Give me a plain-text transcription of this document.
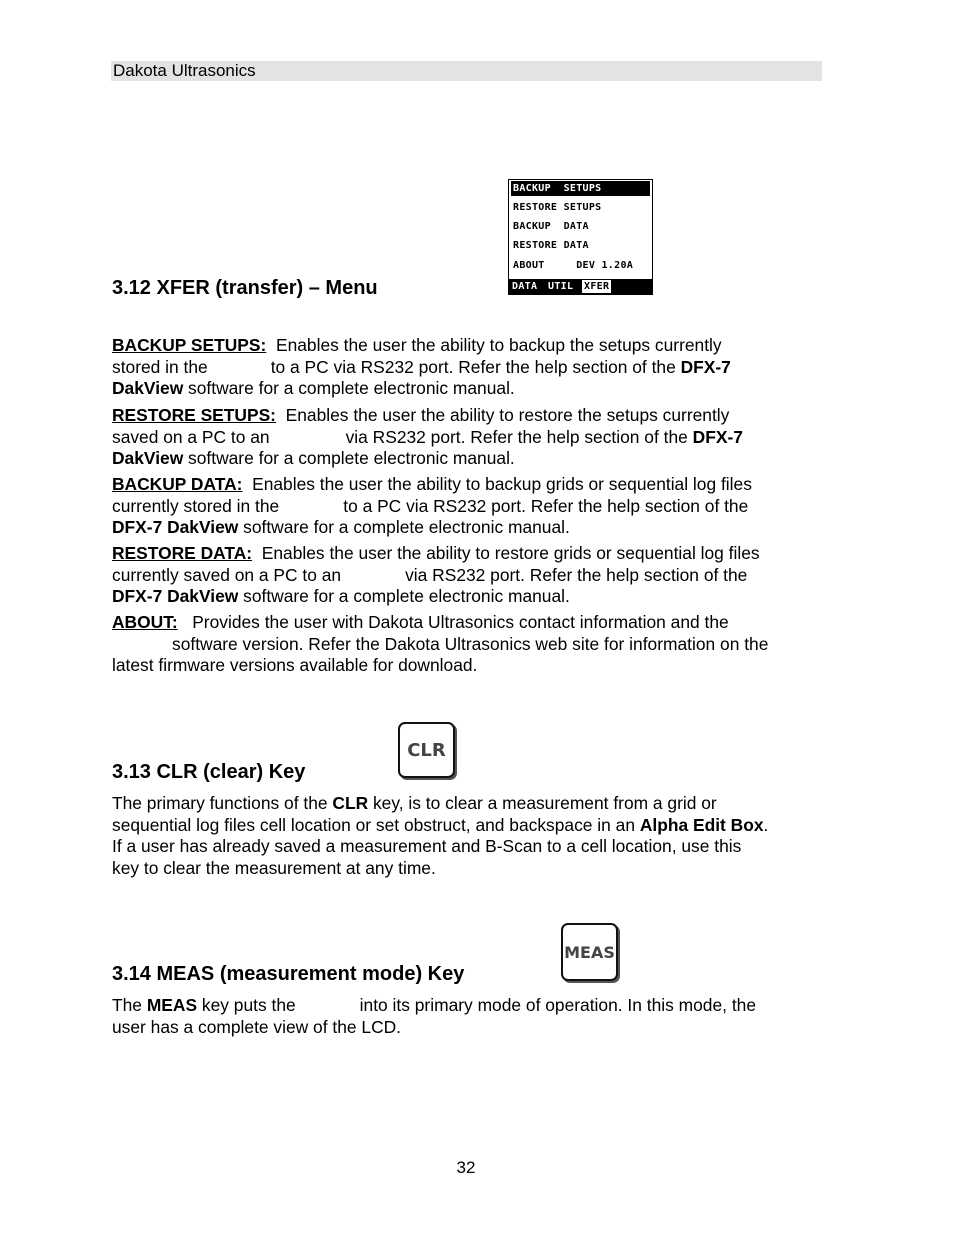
Dakota Ultrasonics
BACKUP  SETUPS
RESTORE SETUPS
BACKUP  DATA
RESTORE DATA
ABOUT     DEV 1.20A
DATA UTIL XFER
3.12 XFER (transfer) – Menu
BACKUP SETUPS: Enables the user the ability to backup the setups currently
stored in the	to a PC via RS232 port. Refer the help section of the DFX-7
DakView software for a complete electronic manual.
RESTORE SETUPS: Enables the user the ability to restore the setups currently
saved on a PC to an	via RS232 port. Refer the help section of the DFX-7
DakView software for a complete electronic manual.
BACKUP DATA: Enables the user the ability to backup grids or sequential log files
currently stored in the	to a PC via RS232 port. Refer the help section of the
DFX-7 DakView software for a complete electronic manual.
RESTORE DATA: Enables the user the ability to restore grids or sequential log files
currently saved on a PC to an	via RS232 port. Refer the help section of the
DFX-7 DakView software for a complete electronic manual.
ABOUT: Provides the user with Dakota Ultrasonics contact information and the
software version. Refer the Dakota Ultrasonics web site for information on the
latest firmware versions available for download.
3.13 CLR (clear) Key
CLR
The primary functions of the CLR key, is to clear a measurement from a grid or
sequential log files cell location or set obstruct, and backspace in an Alpha Edit Box.
If a user has already saved a measurement and B-Scan to a cell location, use this
key to clear the measurement at any time.
3.14 MEAS (measurement mode) Key
MEAS
The MEAS key puts the	into its primary mode of operation. In this mode, the
user has a complete view of the LCD.
32
